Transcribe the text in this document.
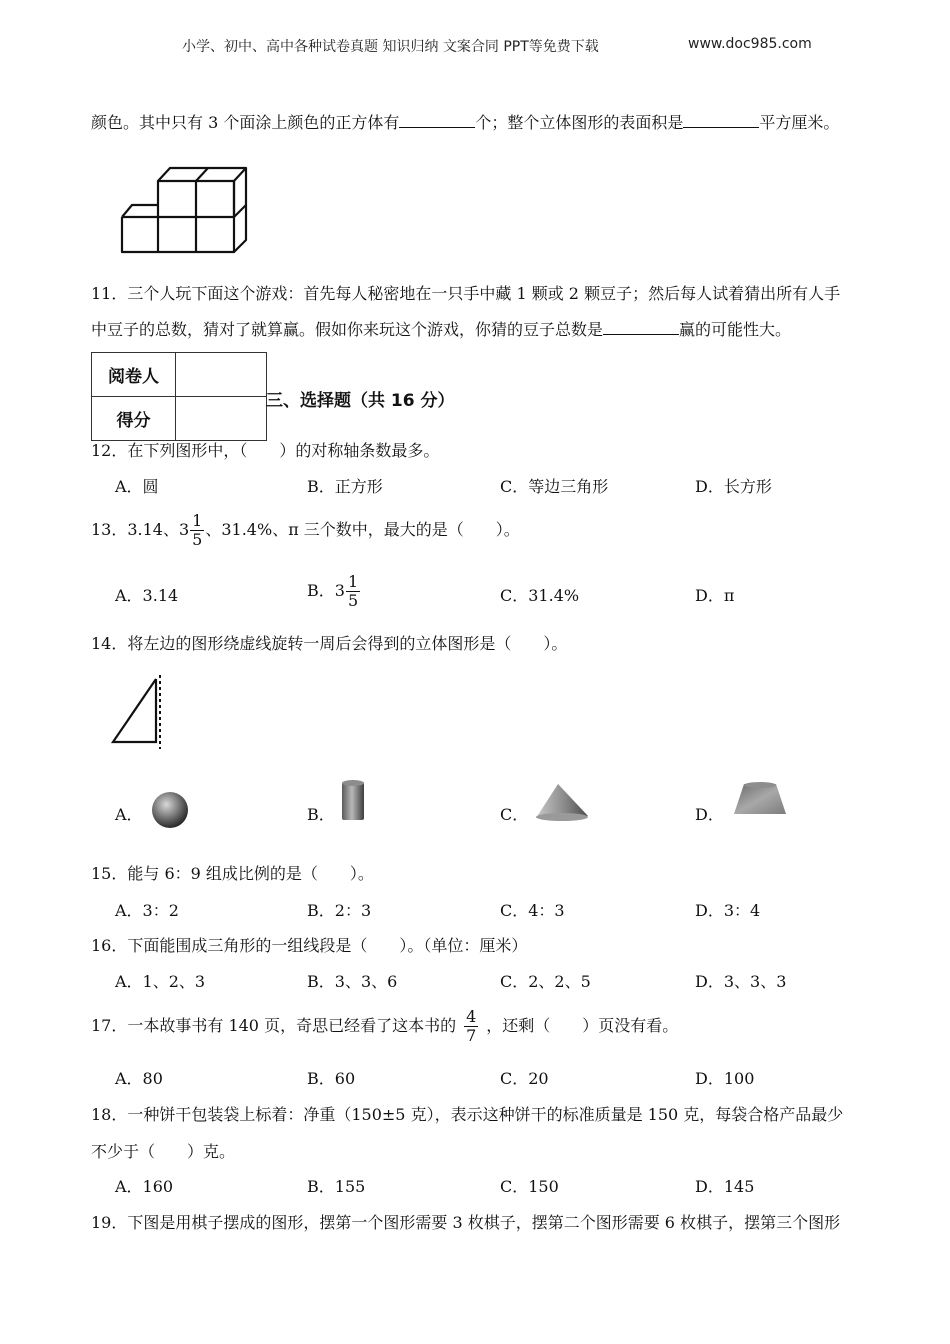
小学、初中、高中各种试卷真题 知识归纳 文案合同 PPT等免费下载	www.doc985.com
颜色。其中只有 3 个面涂上颜色的正方体有	个；整个立体图形的表面积是	平方厘米。
11．三个人玩下面这个游戏：首先每人秘密地在一只手中藏 1 颗或 2 颗豆子；然后每人试着猜出所有人手
中豆子的总数，猜对了就算赢。假如你来玩这个游戏，你猜的豆子总数是	赢的可能性大。
阅卷人	
得分	
三、选择题（共 16 分）
12．在下列图形中，（　　）的对称轴条数最多。
A．圆	B．正方形	C．等边三角形	D．长方形
13．3.14、$3 \frac{1}{5}$ 、31.4%、π 三个数中，最大的是（　　）。
A．3.14	B．$3 \frac{1}{5}$	C．31.4%	D．π
14．将左边的图形绕虚线旋转一周后会得到的立体图形是（　　）。
A．	B．	C．	D．
15．能与 6：9 组成比例的是（　　）。
A．3：2	B．2：3	C．4：3	D．3：4
16．下面能围成三角形的一组线段是（　　）。（单位：厘米）
A．1、2、3	B．3、3、6	C．2、2、5	D．3、3、3
17．一本故事书有 140 页，奇思已经看了这本书的 $\frac{4}{7}$ ，还剩（　　）页没有看。
A．80	B．60	C．20	D．100
18．一种饼干包装袋上标着：净重（150±5 克），表示这种饼干的标准质量是 150 克，每袋合格产品最少
不少于（　　）克。
A．160	B．155	C．150	D．145
19．下图是用棋子摆成的图形，摆第一个图形需要 3 枚棋子，摆第二个图形需要 6 枚棋子，摆第三个图形
